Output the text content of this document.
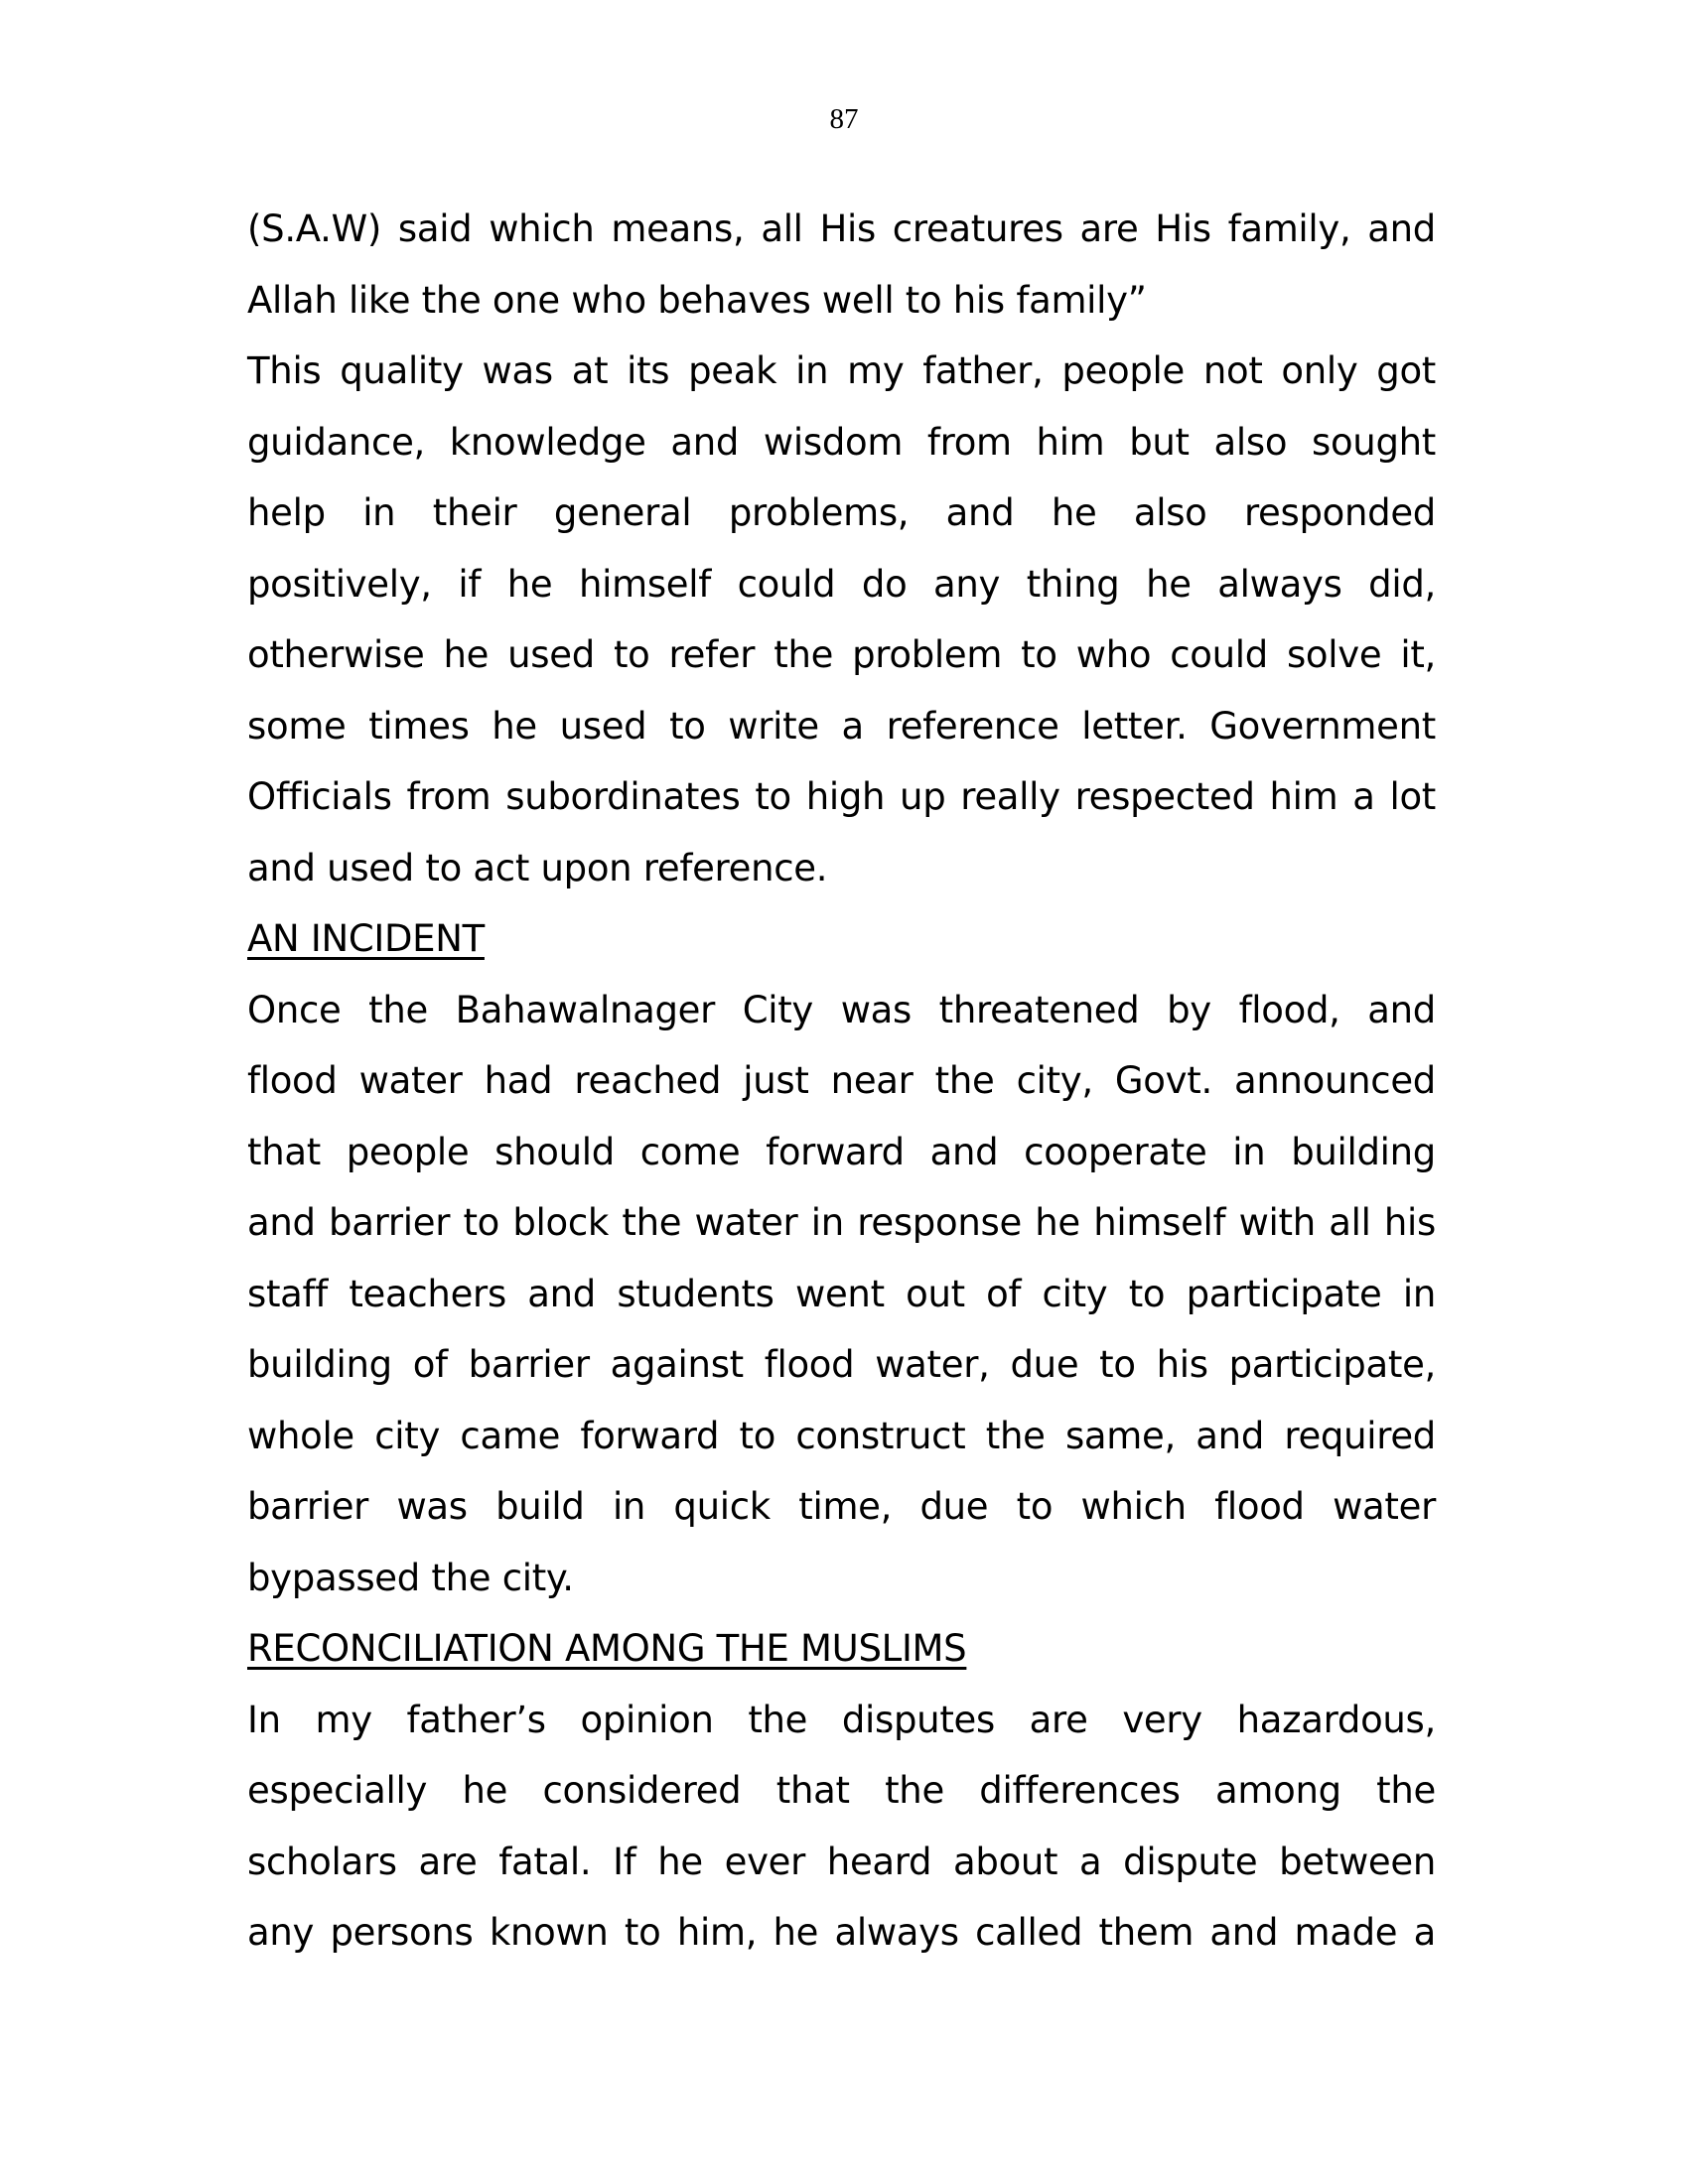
87
(S.A.W) said which means, all His creatures are His family, and
Allah like the one who behaves well to his family”
This quality was at its peak in my father, people not only got
guidance, knowledge and wisdom from him but also sought
help in their general problems, and he also responded
positively, if he himself could do any thing he always did,
otherwise he used to refer the problem to who could solve it,
some times he used to write a reference letter. Government
Officials from subordinates to high up really respected him a lot
and used to act upon reference.
AN INCIDENT
Once the Bahawalnager City was threatened by flood, and
flood water had reached just near the city, Govt. announced
that people should come forward and cooperate in building
and barrier to block the water in response he himself with all his
staff teachers and students went out of city to participate in
building of barrier against flood water, due to his participate,
whole city came forward to construct the same, and required
barrier was build in quick time, due to which flood water
bypassed the city.
RECONCILIATION AMONG THE MUSLIMS
In my father’s opinion the disputes are very hazardous,
especially he considered that the differences among the
scholars are fatal. If he ever heard about a dispute between
any persons known to him, he always called them and made a
